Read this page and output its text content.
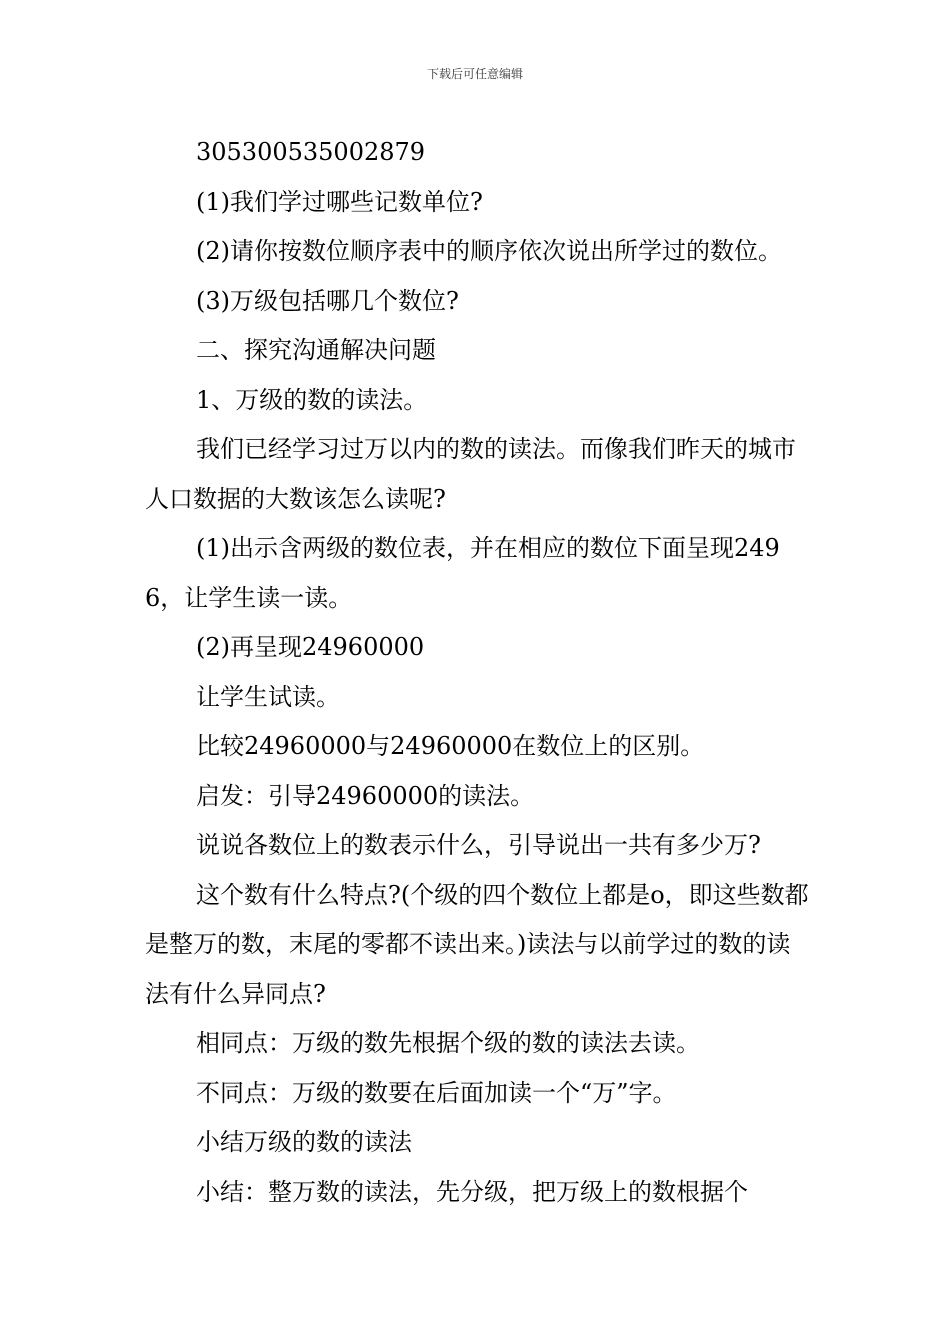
下载后可任意编辑

305300535002879

(1)我们学过哪些记数单位?

(2)请你按数位顺序表中的顺序依次说出所学过的数位。

(3)万级包括哪几个数位?

二、探究沟通解决问题

1、万级的数的读法。

我们已经学习过万以内的数的读法。而像我们昨天的城市人口数据的大数该怎么读呢?

(1)出示含两级的数位表，并在相应的数位下面呈现2496，让学生读一读。

(2)再呈现24960000

让学生试读。

比较24960000与24960000在数位上的区别。

启发：引导24960000的读法。

说说各数位上的数表示什么，引导说出一共有多少万?

这个数有什么特点?(个级的四个数位上都是o，即这些数都是整万的数，末尾的零都不读出来。)读法与以前学过的数的读法有什么异同点?

相同点：万级的数先根据个级的数的读法去读。

不同点：万级的数要在后面加读一个“万”字。

小结万级的数的读法

小结：整万数的读法，先分级，把万级上的数根据个
